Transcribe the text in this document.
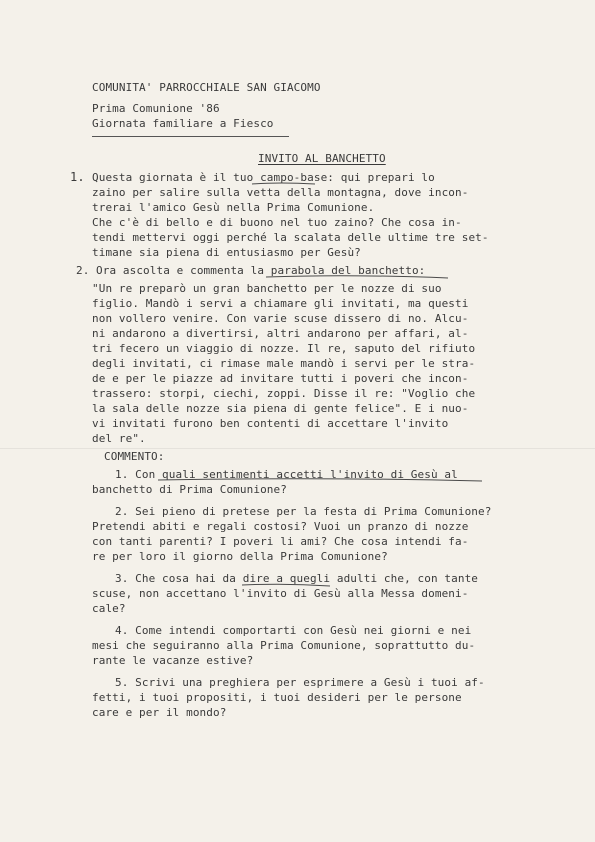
COMUNITA' PARROCCHIALE SAN GIACOMO
Prima Comunione '86
Giornata familiare a Fiesco
INVITO AL BANCHETTO
1. Questa giornata è il tuo campo-base: qui prepari lo
zaino per salire sulla vetta della montagna, dove incon-
trerai l'amico Gesù nella Prima Comunione.
Che c'è di bello e di buono nel tuo zaino? Che cosa in-
tendi mettervi oggi perché la scalata delle ultime tre set-
timane sia piena di entusiasmo per Gesù?
2. Ora ascolta e commenta la parabola del banchetto:
"Un re preparò un gran banchetto per le nozze di suo
figlio. Mandò i servi a chiamare gli invitati, ma questi
non vollero venire. Con varie scuse dissero di no. Alcu-
ni andarono a divertirsi, altri andarono per affari, al-
tri fecero un viaggio di nozze. Il re, saputo del rifiuto
degli invitati, ci rimase male mandò i servi per le stra-
de e per le piazze ad invitare tutti i poveri che incon-
trassero: storpi, ciechi, zoppi. Disse il re: "Voglio che
la sala delle nozze sia piena di gente felice". E i nuo-
vi invitati furono ben contenti di accettare l'invito
del re".
COMMENTO:
1. Con quali sentimenti accetti l'invito di Gesù al
banchetto di Prima Comunione?
2. Sei pieno di pretese per la festa di Prima Comunione?
Pretendi abiti e regali costosi? Vuoi un pranzo di nozze
con tanti parenti? I poveri li ami? Che cosa intendi fa-
re per loro il giorno della Prima Comunione?
3. Che cosa hai da dire a quegli adulti che, con tante
scuse, non accettano l'invito di Gesù alla Messa domeni-
cale?
4. Come intendi comportarti con Gesù nei giorni e nei
mesi che seguiranno alla Prima Comunione, soprattutto du-
rante le vacanze estive?
5. Scrivi una preghiera per esprimere a Gesù i tuoi af-
fetti, i tuoi propositi, i tuoi desideri per le persone
care e per il mondo?
